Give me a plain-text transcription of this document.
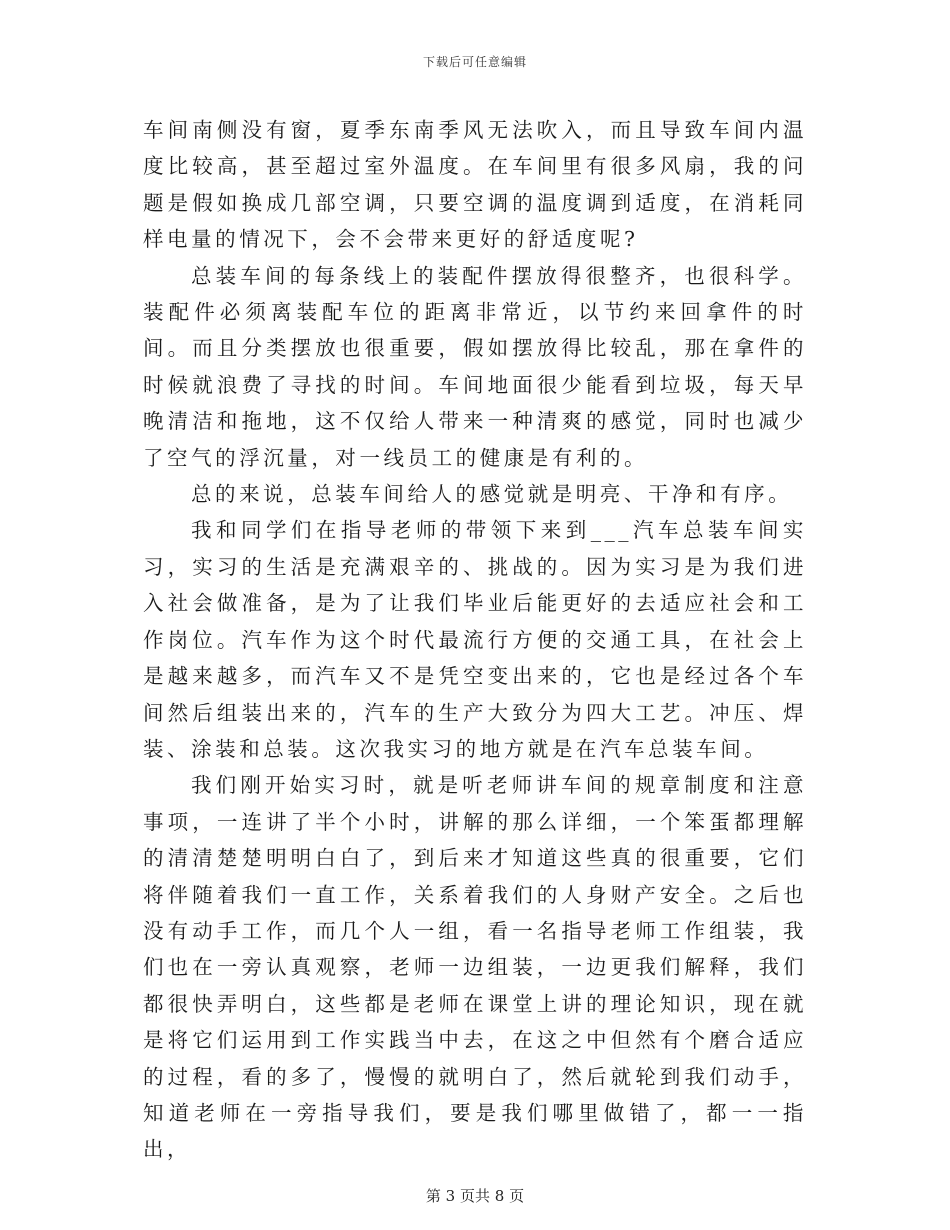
下载后可任意编辑

车间南侧没有窗，夏季东南季风无法吹入，而且导致车间内温度比较高，甚至超过室外温度。在车间里有很多风扇，我的问题是假如换成几部空调，只要空调的温度调到适度，在消耗同样电量的情况下，会不会带来更好的舒适度呢?

总装车间的每条线上的装配件摆放得很整齐，也很科学。装配件必须离装配车位的距离非常近，以节约来回拿件的时间。而且分类摆放也很重要，假如摆放得比较乱，那在拿件的时候就浪费了寻找的时间。车间地面很少能看到垃圾，每天早晚清洁和拖地，这不仅给人带来一种清爽的感觉，同时也减少了空气的浮沉量，对一线员工的健康是有利的。

总的来说，总装车间给人的感觉就是明亮、干净和有序。

我和同学们在指导老师的带领下来到___汽车总装车间实习，实习的生活是充满艰辛的、挑战的。因为实习是为我们进入社会做准备，是为了让我们毕业后能更好的去适应社会和工作岗位。汽车作为这个时代最流行方便的交通工具，在社会上是越来越多，而汽车又不是凭空变出来的，它也是经过各个车间然后组装出来的，汽车的生产大致分为四大工艺。冲压、焊装、涂装和总装。这次我实习的地方就是在汽车总装车间。

我们刚开始实习时，就是听老师讲车间的规章制度和注意事项，一连讲了半个小时，讲解的那么详细，一个笨蛋都理解的清清楚楚明明白白了，到后来才知道这些真的很重要，它们将伴随着我们一直工作，关系着我们的人身财产安全。之后也没有动手工作，而几个人一组，看一名指导老师工作组装，我们也在一旁认真观察，老师一边组装，一边更我们解释，我们都很快弄明白，这些都是老师在课堂上讲的理论知识，现在就是将它们运用到工作实践当中去，在这之中但然有个磨合适应的过程，看的多了，慢慢的就明白了，然后就轮到我们动手，知道老师在一旁指导我们，要是我们哪里做错了，都一一指出，

第 3 页共 8 页
